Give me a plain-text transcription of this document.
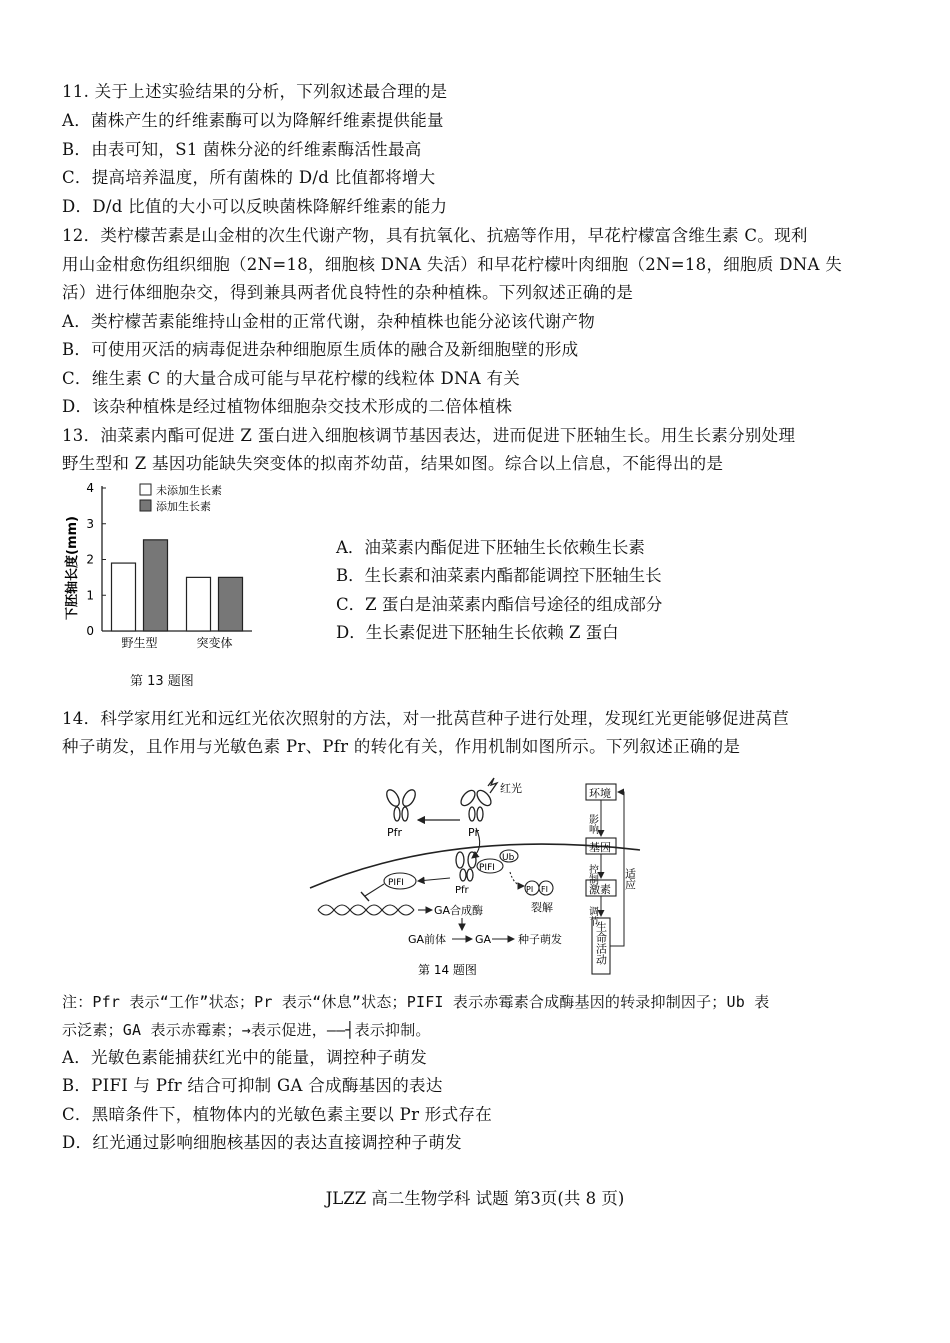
11. 关于上述实验结果的分析，下列叙述最合理的是
A．菌株产生的纤维素酶可以为降解纤维素提供能量
B．由表可知，S1 菌株分泌的纤维素酶活性最高
C．提高培养温度，所有菌株的 D/d 比值都将增大
D．D/d 比值的大小可以反映菌株降解纤维素的能力
12．类柠檬苦素是山金柑的次生代谢产物，具有抗氧化、抗癌等作用，早花柠檬富含维生素 C。现利
用山金柑愈伤组织细胞（2N=18，细胞核 DNA 失活）和早花柠檬叶肉细胞（2N=18，细胞质 DNA 失
活）进行体细胞杂交，得到兼具两者优良特性的杂种植株。下列叙述正确的是
A．类柠檬苦素能维持山金柑的正常代谢，杂种植株也能分泌该代谢产物
B．可使用灭活的病毒促进杂种细胞原生质体的融合及新细胞壁的形成
C．维生素 C 的大量合成可能与早花柠檬的线粒体 DNA 有关
D．该杂种植株是经过植物体细胞杂交技术形成的二倍体植株
13．油菜素内酯可促进 Z 蛋白进入细胞核调节基因表达，进而促进下胚轴生长。用生长素分别处理
野生型和 Z 基因功能缺失突变体的拟南芥幼苗，结果如图。综合以上信息，不能得出的是
下胚轴长度(mm)
0
1
2
3
4
野生型	突变体
未添加生长素
添加生长素
第 13 题图
A．油菜素内酯促进下胚轴生长依赖生长素
B．生长素和油菜素内酯都能调控下胚轴生长
C．Z 蛋白是油菜素内酯信号途径的组成部分
D．生长素促进下胚轴生长依赖 Z 蛋白
14．科学家用红光和远红光依次照射的方法，对一批莴苣种子进行处理，发现红光更能够促进莴苣
种子萌发，且作用与光敏色素 Pr、Pfr 的转化有关，作用机制如图所示。下列叙述正确的是
Pfr	Pr
红光
Pfr
PIFI
Ub
PI FI
裂解
PIFI
GA合成酶
GA前体	GA 种子萌发
第 14 题图
环境
影响
基因
控制
激素
调节
生命活动
适应
注：Pfr 表示“工作”状态；Pr 表示“休息”状态；PIFI 表示赤霉素合成酶基因的转录抑制因子；Ub 表
示泛素；GA 表示赤霉素；→表示促进，——┤表示抑制。
A．光敏色素能捕获红光中的能量，调控种子萌发
B．PIFI 与 Pfr 结合可抑制 GA 合成酶基因的表达
C．黑暗条件下，植物体内的光敏色素主要以 Pr 形式存在
D．红光通过影响细胞核基因的表达直接调控种子萌发
JLZZ 高二生物学科 试题 第3页(共 8 页)
